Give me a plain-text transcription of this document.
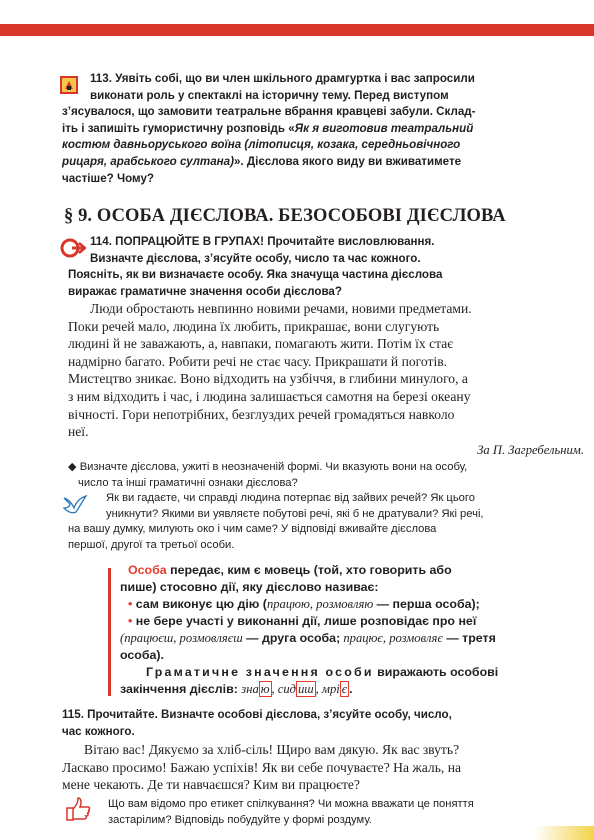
113. Уявіть собі, що ви член шкільного драмгуртка і вас запросили

виконати роль у спектаклі на історичну тему. Перед виступом

з’ясувалося, що замовити театральне вбрання кравцеві забули. Склад-

іть і запишіть гумористичну розповідь «Як я виготовив театральний

костюм давньоруського воїна (літописця, козака, середньовічного

рицаря, арабського султана)». Дієслова якого виду ви вживатимете

частіше? Чому?

§ 9. ОСОБА ДІЄСЛОВА. БЕЗОСОБОВІ ДІЄСЛОВА

114. ПОПРАЦЮЙТЕ В ГРУПАХ! Прочитайте висловлювання.

Визначте дієслова, з’ясуйте особу, число та час кожного.

Поясніть, як ви визначаєте особу. Яка значуща частина дієслова

виражає граматичне значення особи дієслова?

Люди обростають невпинно новими речами, новими предметами.

Поки речей мало, людина їх любить, прикрашає, вони слугують

людині й не заважають, а, навпаки, помагають жити. Потім їх стає

надмірно багато. Робити речі не стає часу. Прикрашати й поготів.

Мистецтво зникає. Воно відходить на узбіччя, в глибини минулого, а

з ним відходить і час, і людина залишається самотня на березі океану

вічності. Гори непотрібних, безглуздих речей громадяться навколо

неї.

За П. Загребельним.

◆ Визначте дієслова, ужиті в неозначеній формі. Чи вказують вони на особу,

число та інші граматичні ознаки дієслова?

Як ви гадаєте, чи справді людина потерпає від зайвих речей? Як цього

уникнути? Якими ви уявляєте побутові речі, які б не дратували? Які речі,

на вашу думку, милують око і чим саме? У відповіді вживайте дієслова

першої, другої та третьої особи.

Особа передає, ким є мовець (той, хто говорить або

пише) стосовно дії, яку дієслово називає:

• сам виконує цю дію (працюю, розмовляю — перша особа);

• не бере участі у виконанні дії, лише розповідає про неї

(працюєш, розмовляєш — друга особа; працює, розмовляє — третя

особа).

Граматичне значення особи виражають особові

закінчення дієслів: зна ю , сид иш , мрі є .

115. Прочитайте. Визначте особові дієслова, з’ясуйте особу, число,

час кожного.

Вітаю вас! Дякуємо за хліб-сіль! Щиро вам дякую. Як вас звуть?

Ласкаво просимо! Бажаю успіхів! Як ви себе почуваєте? На жаль, на

мене чекають. Де ти навчаєшся? Ким ви працюєте?

Що вам відомо про етикет спілкування? Чи можна вважати це поняття

застарілим? Відповідь побудуйте у формі роздуму.
